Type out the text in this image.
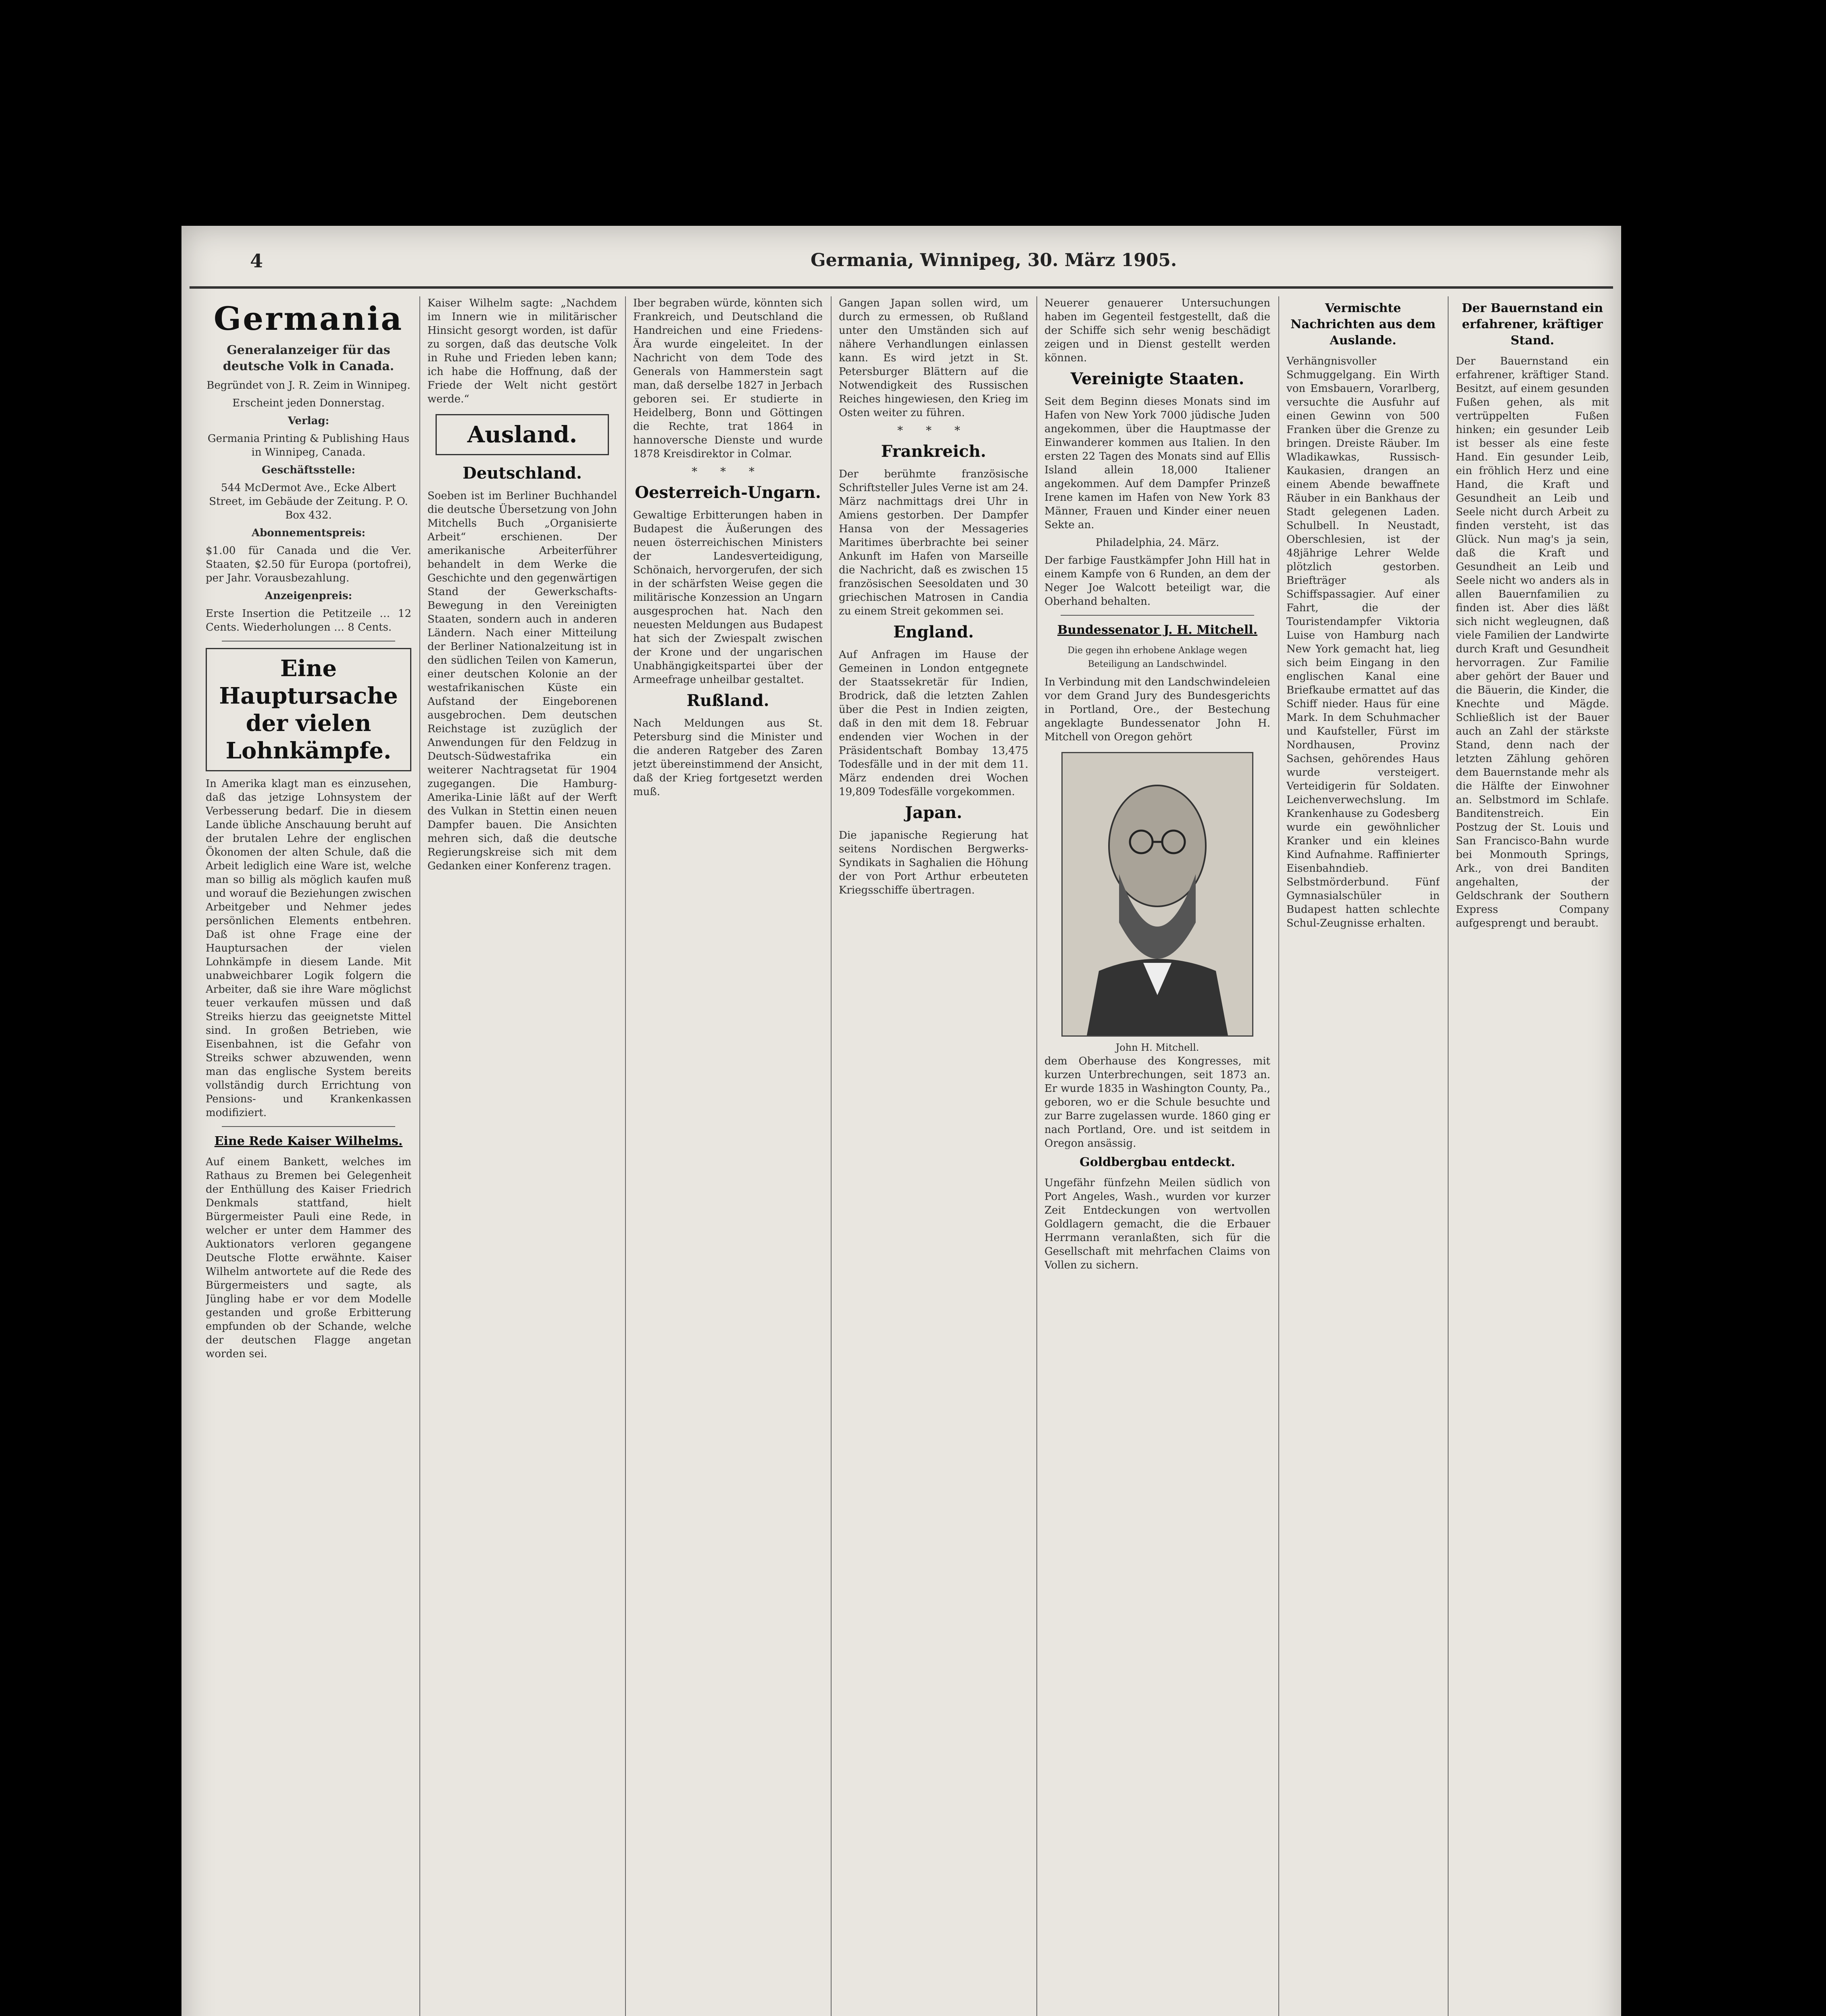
4	Germania, Winnipeg, 30. März 1905.
Germania
Generalanzeiger für das deutsche Volk in Canada.
Begründet von J. R. Zeim in Winnipeg.
Erscheint jeden Donnerstag.
Verlag:
Germania Printing & Publishing Haus in Winnipeg, Canada.
Geschäftsstelle:
544 McDermot Ave., Ecke Albert Street, im Gebäude der Zeitung. P. O. Box 432.
Abonnementspreis:
$1.00 für Canada und die Ver. Staaten, $2.50 für Europa (portofrei), per Jahr. Vorausbezahlung.
Anzeigenpreis:
Erste Insertion die Petitzeile … 12 Cents. Wiederholungen … 8 Cents.
Eine Hauptursache der vielen Lohnkämpfe.
In Amerika klagt man es einzusehen, daß das jetzige Lohnsystem der Verbesserung bedarf. Die in diesem Lande übliche Anschauung beruht auf der brutalen Lehre der englischen Ökonomen der alten Schule, daß die Arbeit lediglich eine Ware ist, welche man so billig als möglich kaufen muß und worauf die Beziehungen zwischen Arbeitgeber und Nehmer jedes persönlichen Elements entbehren. Daß ist ohne Frage eine der Hauptursachen der vielen Lohnkämpfe in diesem Lande. Mit unabweichbarer Logik folgern die Arbeiter, daß sie ihre Ware möglichst teuer verkaufen müssen und daß Streiks hierzu das geeignetste Mittel sind. In großen Betrieben, wie Eisenbahnen, ist die Gefahr von Streiks schwer abzuwenden, wenn man das englische System bereits vollständig durch Errichtung von Pensions- und Krankenkassen modifiziert.
Eine Rede Kaiser Wilhelms.
Auf einem Bankett, welches im Rathaus zu Bremen bei Gelegenheit der Enthüllung des Kaiser Friedrich Denkmals stattfand, hielt Bürgermeister Pauli eine Rede, in welcher er unter dem Hammer des Auktionators verloren gegangene Deutsche Flotte erwähnte. Kaiser Wilhelm antwortete auf die Rede des Bürgermeisters und sagte, als Jüngling habe er vor dem Modelle gestanden und große Erbitterung empfunden ob der Schande, welche der deutschen Flagge angetan worden sei.
Kaiser Wilhelm sagte: „Nachdem im Innern wie in militärischer Hinsicht gesorgt worden, ist dafür zu sorgen, daß das deutsche Volk in Ruhe und Frieden leben kann; ich habe die Hoffnung, daß der Friede der Welt nicht gestört werde.“
Ausland.
Deutschland.
Soeben ist im Berliner Buchhandel die deutsche Übersetzung von John Mitchells Buch „Organisierte Arbeit“ erschienen. Der amerikanische Arbeiterführer behandelt in dem Werke die Geschichte und den gegenwärtigen Stand der Gewerkschafts-Bewegung in den Vereinigten Staaten, sondern auch in anderen Ländern. Nach einer Mitteilung der Berliner Nationalzeitung ist in den südlichen Teilen von Kamerun, einer deutschen Kolonie an der westafrikanischen Küste ein Aufstand der Eingeborenen ausgebrochen. Dem deutschen Reichstage ist zuzüglich der Anwendungen für den Feldzug in Deutsch-Südwestafrika ein weiterer Nachtragsetat für 1904 zugegangen. Die Hamburg-Amerika-Linie läßt auf der Werft des Vulkan in Stettin einen neuen Dampfer bauen. Die Ansichten mehren sich, daß die deutsche Regierungskreise sich mit dem Gedanken einer Konferenz tragen.
Iber begraben würde, könnten sich Frankreich, und Deutschland die Handreichen und eine Friedens-Ära wurde eingeleitet. In der Nachricht von dem Tode des Generals von Hammerstein sagt man, daß derselbe 1827 in Jerbach geboren sei. Er studierte in Heidelberg, Bonn und Göttingen die Rechte, trat 1864 in hannoversche Dienste und wurde 1878 Kreisdirektor in Colmar.
* * *
Oesterreich-Ungarn.
Gewaltige Erbitterungen haben in Budapest die Äußerungen des neuen österreichischen Ministers der Landesverteidigung, Schönaich, hervorgerufen, der sich in der schärfsten Weise gegen die militärische Konzession an Ungarn ausgesprochen hat. Nach den neuesten Meldungen aus Budapest hat sich der Zwiespalt zwischen der Krone und der ungarischen Unabhängigkeitspartei über der Armeefrage unheilbar gestaltet.
Rußland.
Nach Meldungen aus St. Petersburg sind die Minister und die anderen Ratgeber des Zaren jetzt übereinstimmend der Ansicht, daß der Krieg fortgesetzt werden muß.
Gangen Japan sollen wird, um durch zu ermessen, ob Rußland unter den Umständen sich auf nähere Verhandlungen einlassen kann. Es wird jetzt in St. Petersburger Blättern auf die Notwendigkeit des Russischen Reiches hingewiesen, den Krieg im Osten weiter zu führen.
* * *
Frankreich.
Der berühmte französische Schriftsteller Jules Verne ist am 24. März nachmittags drei Uhr in Amiens gestorben. Der Dampfer Hansa von der Messageries Maritimes überbrachte bei seiner Ankunft im Hafen von Marseille die Nachricht, daß es zwischen 15 französischen Seesoldaten und 30 griechischen Matrosen in Candia zu einem Streit gekommen sei.
England.
Auf Anfragen im Hause der Gemeinen in London entgegnete der Staatssekretär für Indien, Brodrick, daß die letzten Zahlen über die Pest in Indien zeigten, daß in den mit dem 18. Februar endenden vier Wochen in der Präsidentschaft Bombay 13,475 Todesfälle und in der mit dem 11. März endenden drei Wochen 19,809 Todesfälle vorgekommen.
Japan.
Die japanische Regierung hat seitens Nordischen Bergwerks-Syndikats in Saghalien die Höhung der von Port Arthur erbeuteten Kriegsschiffe übertragen.
Neuerer genauerer Untersuchungen haben im Gegenteil festgestellt, daß die der Schiffe sich sehr wenig beschädigt zeigen und in Dienst gestellt werden können.
Vereinigte Staaten.
Seit dem Beginn dieses Monats sind im Hafen von New York 7000 jüdische Juden angekommen, über die Hauptmasse der Einwanderer kommen aus Italien. In den ersten 22 Tagen des Monats sind auf Ellis Island allein 18,000 Italiener angekommen. Auf dem Dampfer Prinzeß Irene kamen im Hafen von New York 83 Männer, Frauen und Kinder einer neuen Sekte an.
Philadelphia, 24. März.
Der farbige Faustkämpfer John Hill hat in einem Kampfe von 6 Runden, an dem der Neger Joe Walcott beteiligt war, die Oberhand behalten.
Bundessenator J. H. Mitchell.
Die gegen ihn erhobene Anklage wegen Beteiligung an Landschwindel.
In Verbindung mit den Landschwindeleien vor dem Grand Jury des Bundesgerichts in Portland, Ore., der Bestechung angeklagte Bundessenator John H. Mitchell von Oregon gehört
John H. Mitchell.
dem Oberhause des Kongresses, mit kurzen Unterbrechungen, seit 1873 an. Er wurde 1835 in Washington County, Pa., geboren, wo er die Schule besuchte und zur Barre zugelassen wurde. 1860 ging er nach Portland, Ore. und ist seitdem in Oregon ansässig.
Goldbergbau entdeckt.
Ungefähr fünfzehn Meilen südlich von Port Angeles, Wash., wurden vor kurzer Zeit Entdeckungen von wertvollen Goldlagern gemacht, die die Erbauer Herrmann veranlaßten, sich für die Gesellschaft mit mehrfachen Claims von Vollen zu sichern.
Vermischte Nachrichten aus dem Auslande.
Verhängnisvoller Schmuggelgang. Ein Wirth von Emsbauern, Vorarlberg, versuchte die Ausfuhr auf einen Gewinn von 500 Franken über die Grenze zu bringen. Dreiste Räuber. Im Wladikawkas, Russisch-Kaukasien, drangen an einem Abende bewaffnete Räuber in ein Bankhaus der Stadt gelegenen Laden. Schulbell. In Neustadt, Oberschlesien, ist der 48jährige Lehrer Welde plötzlich gestorben. Briefträger als Schiffspassagier. Auf einer Fahrt, die der Touristendampfer Viktoria Luise von Hamburg nach New York gemacht hat, lieg sich beim Eingang in den englischen Kanal eine Briefkaube ermattet auf das Schiff nieder. Haus für eine Mark. In dem Schuhmacher und Kaufsteller, Fürst im Nordhausen, Provinz Sachsen, gehörendes Haus wurde versteigert. Verteidigerin für Soldaten. Leichenverwechslung. Im Krankenhause zu Godesberg wurde ein gewöhnlicher Kranker und ein kleines Kind Aufnahme. Raffinierter Eisenbahndieb. Selbstmörderbund. Fünf Gymnasialschüler in Budapest hatten schlechte Schul-Zeugnisse erhalten.
Der Bauernstand ein erfahrener, kräftiger Stand.
Der Bauernstand ein erfahrener, kräftiger Stand. Besitzt, auf einem gesunden Fußen gehen, als mit vertrüppelten Fußen hinken; ein gesunder Leib ist besser als eine feste Hand. Ein gesunder Leib, ein fröhlich Herz und eine Hand, die Kraft und Gesundheit an Leib und Seele nicht durch Arbeit zu finden versteht, ist das Glück. Nun mag's ja sein, daß die Kraft und Gesundheit an Leib und Seele nicht wo anders als in allen Bauernfamilien zu finden ist. Aber dies läßt sich nicht wegleugnen, daß viele Familien der Landwirte durch Kraft und Gesundheit hervorragen. Zur Familie aber gehört der Bauer und die Bäuerin, die Kinder, die Knechte und Mägde. Schließlich ist der Bauer auch an Zahl der stärkste Stand, denn nach der letzten Zählung gehören dem Bauernstande mehr als die Hälfte der Einwohner an. Selbstmord im Schlafe. Banditenstreich. Ein Postzug der St. Louis und San Francisco-Bahn wurde bei Monmouth Springs, Ark., von drei Banditen angehalten, der Geldschrank der Southern Express Company aufgesprengt und beraubt.
